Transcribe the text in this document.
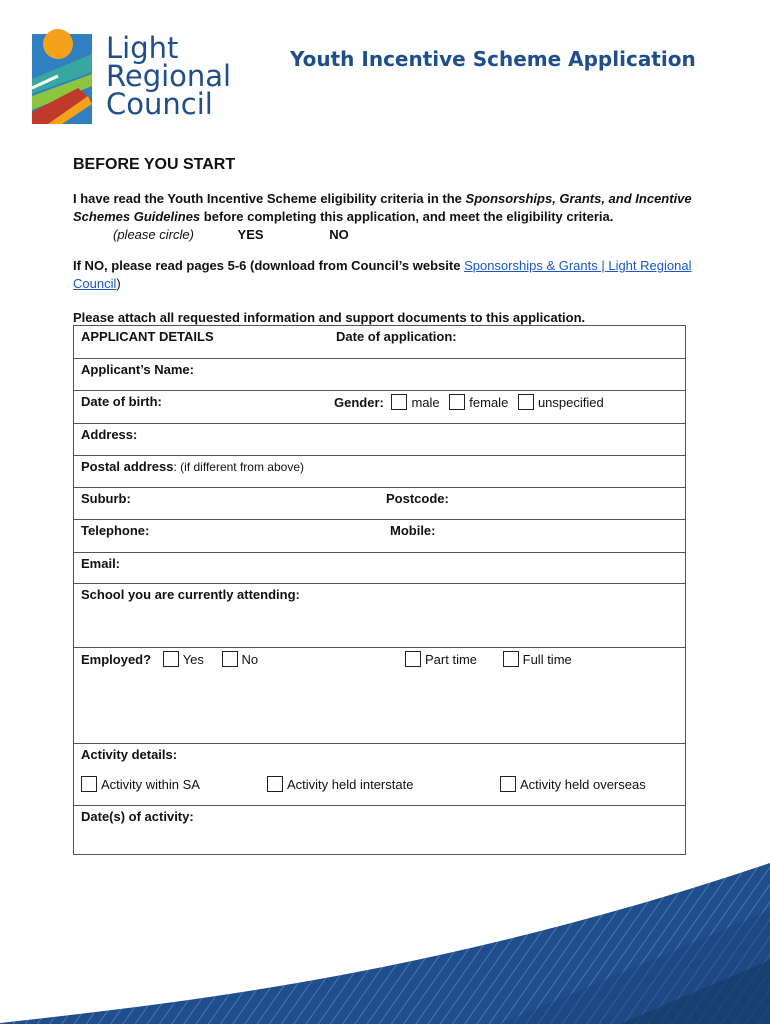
Light
Regional
Council
Youth Incentive Scheme Application
BEFORE YOU START
I have read the Youth Incentive Scheme eligibility criteria in the Sponsorships, Grants, and Incentive Schemes Guidelines before completing this application, and meet the eligibility criteria. (please circle)	YES	NO
If NO, please read pages 5-6 (download from Council’s website Sponsorships & Grants | Light Regional Council)
Please attach all requested information and support documents to this application.
APPLICANT DETAILS	Date of application:

Applicant’s Name:

Date of birth:	Gender: male female unspecified

Address:
Postal address: (if different from above)

Suburb:	Postcode:

Telephone:	Mobile:

Email:
School you are currently attending:

Employed? Yes	No	Part time	Full time

Activity details:
Activity within SA	Activity held interstate	Activity held overseas

Date(s) of activity:
